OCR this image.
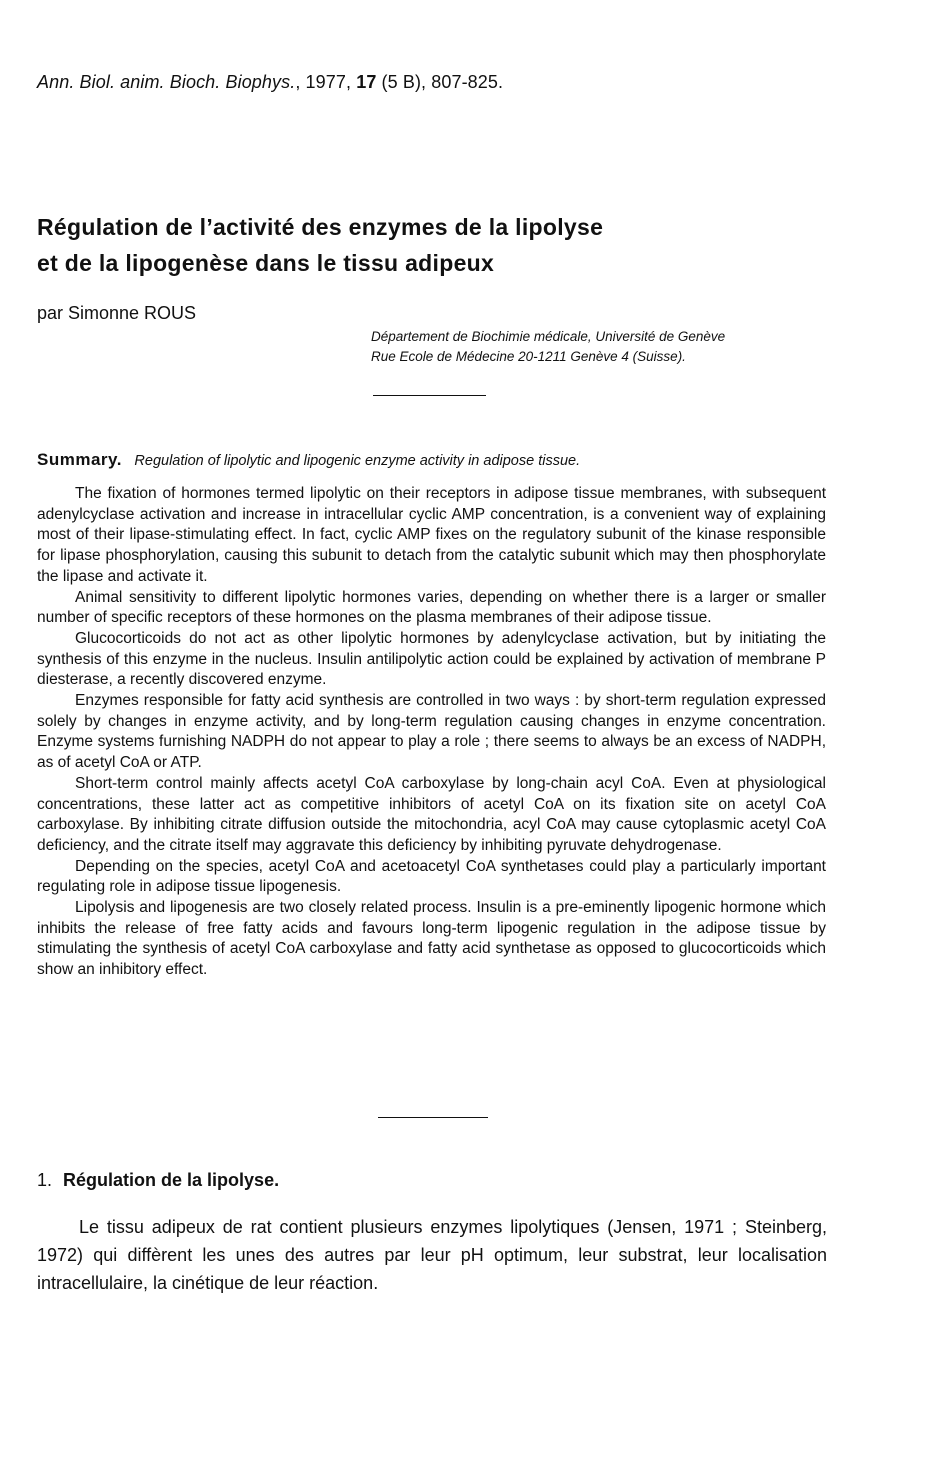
Ann. Biol. anim. Bioch. Biophys., 1977, 17 (5 B), 807-825.
Régulation de l’activité des enzymes de la lipolyse
et de la lipogenèse dans le tissu adipeux
par Simonne ROUS
Département de Biochimie médicale, Université de Genève
Rue Ecole de Médecine 20-1211 Genève 4 (Suisse).
Summary. Regulation of lipolytic and lipogenic enzyme activity in adipose tissue.

The fixation of hormones termed lipolytic on their receptors in adipose tissue membranes, with subsequent adenylcyclase activation and increase in intracellular cyclic AMP concentration, is a convenient way of explaining most of their lipase-stimulating effect. In fact, cyclic AMP fixes on the regulatory subunit of the kinase responsible for lipase phosphorylation, causing this subunit to detach from the catalytic subunit which may then phosphorylate the lipase and activate it.

Animal sensitivity to different lipolytic hormones varies, depending on whether there is a larger or smaller number of specific receptors of these hormones on the plasma membranes of their adipose tissue.

Glucocorticoids do not act as other lipolytic hormones by adenylcyclase activation, but by initiating the synthesis of this enzyme in the nucleus. Insulin antilipolytic action could be explained by activation of membrane P diesterase, a recently discovered enzyme.

Enzymes responsible for fatty acid synthesis are controlled in two ways : by short-term regulation expressed solely by changes in enzyme activity, and by long-term regulation causing changes in enzyme concentration. Enzyme systems furnishing NADPH do not appear to play a role ; there seems to always be an excess of NADPH, as of acetyl CoA or ATP.

Short-term control mainly affects acetyl CoA carboxylase by long-chain acyl CoA. Even at physiological concentrations, these latter act as competitive inhibitors of acetyl CoA on its fixation site on acetyl CoA carboxylase. By inhibiting citrate diffusion outside the mitochondria, acyl CoA may cause cytoplasmic acetyl CoA deficiency, and the citrate itself may aggravate this deficiency by inhibiting pyruvate dehydrogenase.

Depending on the species, acetyl CoA and acetoacetyl CoA synthetases could play a particularly important regulating role in adipose tissue lipogenesis.

Lipolysis and lipogenesis are two closely related process. Insulin is a pre-eminently lipogenic hormone which inhibits the release of free fatty acids and favours long-term lipogenic regulation in the adipose tissue by stimulating the synthesis of acetyl CoA carboxylase and fatty acid synthetase as opposed to glucocorticoids which show an inhibitory effect.

1. Régulation de la lipolyse.

Le tissu adipeux de rat contient plusieurs enzymes lipolytiques (Jensen, 1971 ; Steinberg, 1972) qui diffèrent les unes des autres par leur pH optimum, leur substrat, leur localisation intracellulaire, la cinétique de leur réaction.
